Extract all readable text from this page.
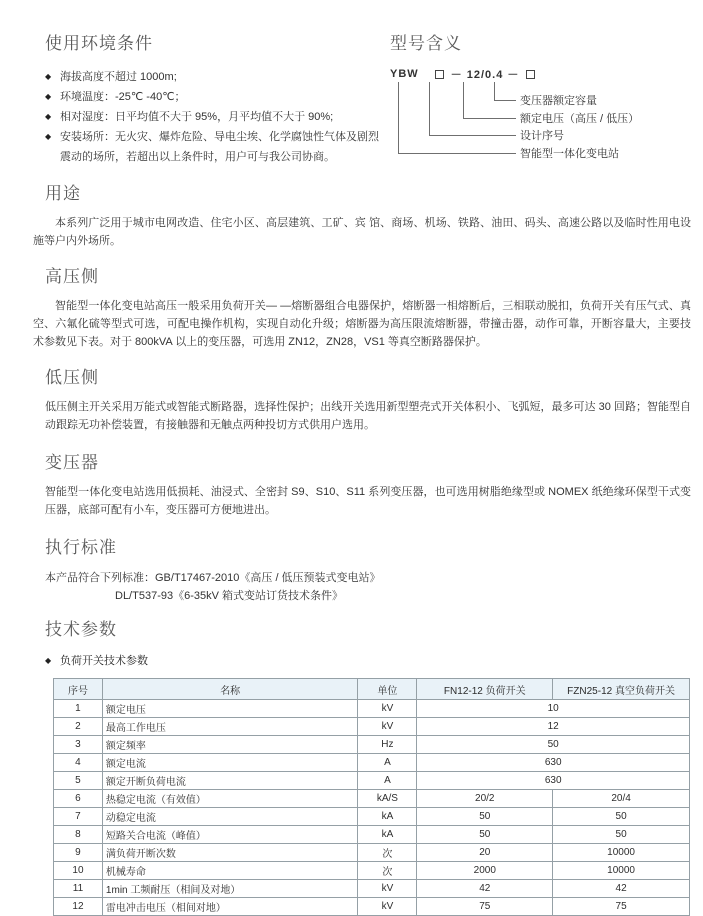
使用环境条件
◆ 海拔高度不超过 1000m;
◆ 环境温度：-25℃ -40℃；
◆ 相对湿度：日平均值不大于 95%，月平均值不大于 90%;
◆ 安装场所：无火灾、爆炸危险、导电尘埃、化学腐蚀性气体及剧烈震动的场所，若超出以上条件时，用户可与我公司协商。
型号含义
YBW	－ 12/0.4 －
变压器额定容量
额定电压（高压 / 低压）
设计序号
智能型一体化变电站
用途
本系列广泛用于城市电网改造、住宅小区、高层建筑、工矿、宾 馆、商场、机场、铁路、油田、码头、高速公路以及临时性用电设施等户内外场所。
高压侧
智能型一体化变电站高压一般采用负荷开关— —熔断器组合电器保护，熔断器一相熔断后，三相联动脱扣，负荷开关有压气式、真空、六氟化硫等型式可选，可配电操作机构，实现自动化升级；熔断器为高压限流熔断器，带撞击器，动作可靠，开断容量大，主要技术参数见下表。对于 800kVA 以上的变压器，可选用 ZN12，ZN28，VS1 等真空断路器保护。
低压侧
低压侧主开关采用万能式或智能式断路器，选择性保护；出线开关选用新型塑壳式开关体积小、飞弧短，最多可达 30 回路；智能型自动跟踪无功补偿装置，有接触器和无触点两种投切方式供用户选用。
变压器
智能型一体化变电站选用低损耗、油浸式、全密封 S9、S10、S11 系列变压器，也可选用树脂绝缘型或 NOMEX 纸绝缘环保型干式变压器，底部可配有小车，变压器可方便地进出。
执行标准
本产品符合下列标准：GB/T17467-2010《高压 / 低压预装式变电站》
DL/T537-93《6-35kV 箱式变站订货技术条件》
技术参数
◆ 负荷开关技术参数
序号	名称	单位	FN12-12 负荷开关	FZN25-12 真空负荷开关
1	额定电压	kV	10	
2	最高工作电压	kV	12	
3	额定频率	Hz	50	
4	额定电流	A	630	
5	额定开断负荷电流	A	630	
6	热稳定电流（有效值）	kA/S	20/2	20/4
7	动稳定电流	kA	50	50
8	短路关合电流（峰值）	kA	50	50
9	满负荷开断次数	次	20	10000
10	机械寿命	次	2000	10000
11	1min 工频耐压（相间及对地）	kV	42	42
12	雷电冲击电压（相间对地）	kV	75	75
